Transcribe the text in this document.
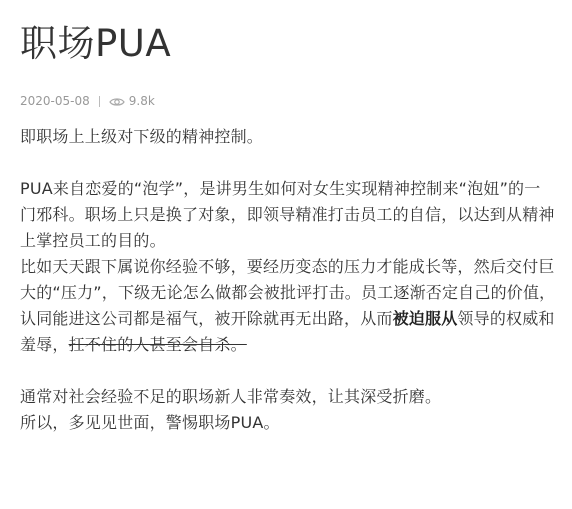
职场PUA
2020-05-08	9.8k

即职场上上级对下级的精神控制。

PUA来自恋爱的“泡学”，是讲男生如何对女生实现精神控制来“泡妞”的一门邪科。职场上只是换了对象，即领导精准打击员工的自信，以达到从精神上掌控员工的目的。

比如天天跟下属说你经验不够，要经历变态的压力才能成长等，然后交付巨大的“压力”，下级无论怎么做都会被批评打击。员工逐渐否定自己的价值，认同能进这公司都是福气，被开除就再无出路，从而被迫服从领导的权威和羞辱，扛不住的人甚至会自杀。

通常对社会经验不足的职场新人非常奏效，让其深受折磨。

所以，多见见世面，警惕职场PUA。
